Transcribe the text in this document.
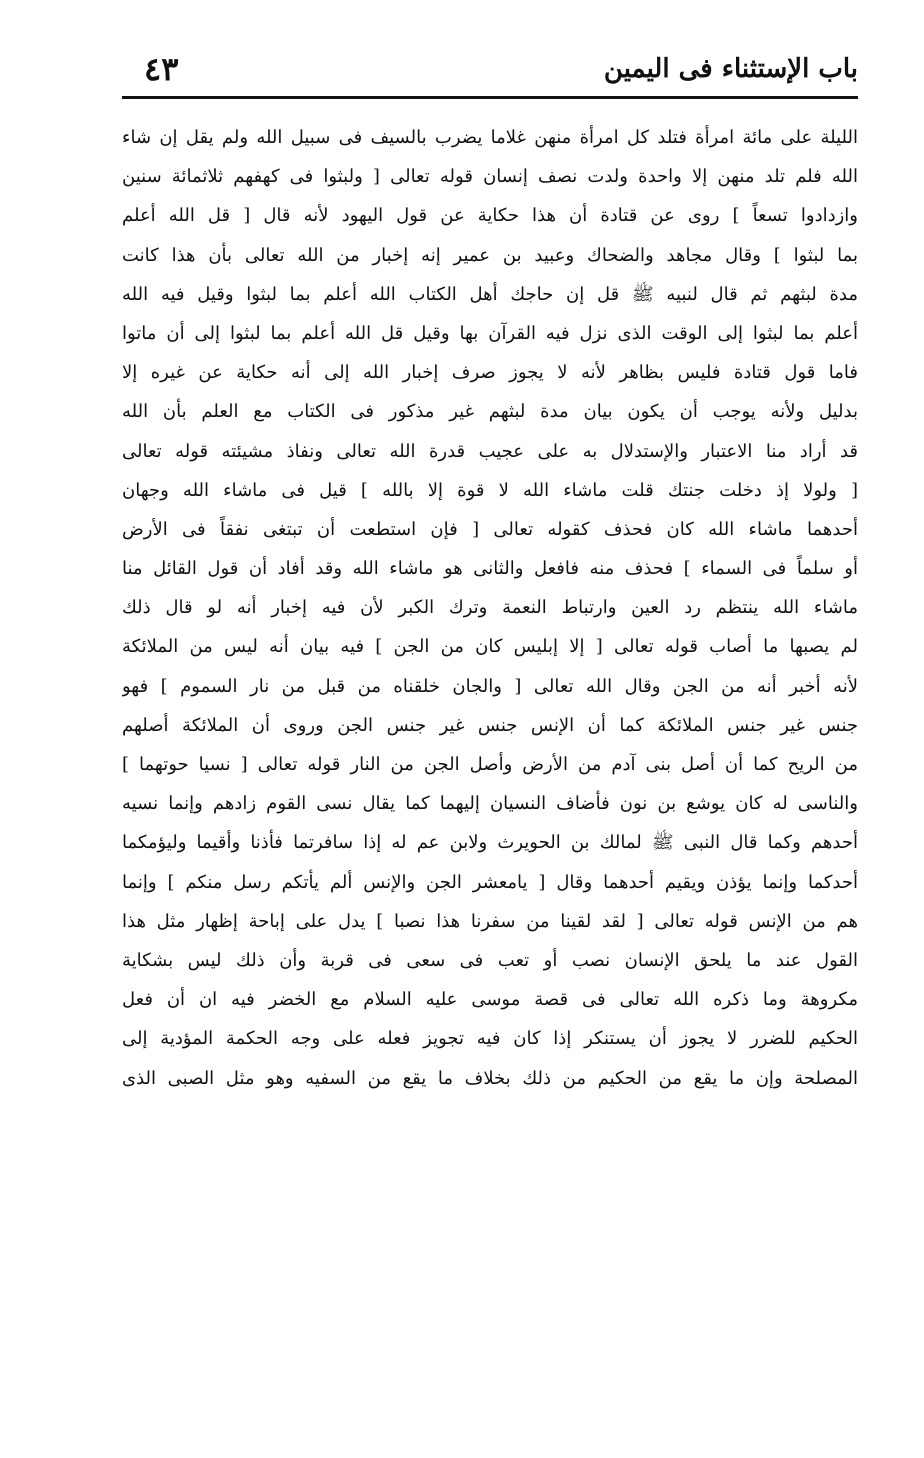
باب الإستثناء فى اليمين
٤٣
الليلة على مائة امرأة فتلد كل امرأة منهن غلاما يضرب بالسيف فى سبيل الله ولم يقل إن شاء
الله فلم تلد منهن إلا واحدة ولدت نصف إنسان قوله تعالى [ ولبثوا فى كهفهم ثلاثمائة سنين
وازدادوا تسعاً ] روى عن قتادة أن هذا حكاية عن قول اليهود لأنه قال [ قل الله أعلم
بما لبثوا ] وقال مجاهد والضحاك وعبيد بن عمير إنه إخبار من الله تعالى بأن هذا كانت
مدة لبثهم ثم قال لنبيه ﷺ قل إن حاجك أهل الكتاب الله أعلم بما لبثوا وقيل فيه الله
أعلم بما لبثوا إلى الوقت الذى نزل فيه القرآن بها وقيل قل الله أعلم بما لبثوا إلى أن ماتوا
فاما قول قتادة فليس بظاهر لأنه لا يجوز صرف إخبار الله إلى أنه حكاية عن غيره إلا
بدليل ولأنه يوجب أن يكون بيان مدة لبثهم غير مذكور فى الكتاب مع العلم بأن الله
قد أراد منا الاعتبار والإستدلال به على عجيب قدرة الله تعالى ونفاذ مشيئته قوله تعالى
[ ولولا إذ دخلت جنتك قلت ماشاء الله لا قوة إلا بالله ] قيل فى ماشاء الله وجهان
أحدهما ماشاء الله كان فحذف كقوله تعالى [ فإن استطعت أن تبتغى نفقاً فى الأرض
أو سلماً فى السماء ] فحذف منه فافعل والثانى هو ماشاء الله وقد أفاد أن قول القائل منا
ماشاء الله ينتظم رد العين وارتباط النعمة وترك الكبر لأن فيه إخبار أنه لو قال ذلك
لم يصبها ما أصاب قوله تعالى [ إلا إبليس كان من الجن ] فيه بيان أنه ليس من الملائكة
لأنه أخبر أنه من الجن وقال الله تعالى [ والجان خلقناه من قبل من نار السموم ] فهو
جنس غير جنس الملائكة كما أن الإنس جنس غير جنس الجن وروى أن الملائكة أصلهم
من الريح كما أن أصل بنى آدم من الأرض وأصل الجن من النار قوله تعالى [ نسيا حوتهما ]
والناسى له كان يوشع بن نون فأضاف النسيان إليهما كما يقال نسى القوم زادهم وإنما نسيه
أحدهم وكما قال النبى ﷺ لمالك بن الحويرث ولابن عم له إذا سافرتما فأذنا وأقيما وليؤمكما
أحدكما وإنما يؤذن ويقيم أحدهما وقال [ يامعشر الجن والإنس ألم يأتكم رسل منكم ] وإنما
هم من الإنس قوله تعالى [ لقد لقينا من سفرنا هذا نصبا ] يدل على إباحة إظهار مثل هذا
القول عند ما يلحق الإنسان نصب أو تعب فى سعى فى قربة وأن ذلك ليس بشكاية
مكروهة وما ذكره الله تعالى فى قصة موسى عليه السلام مع الخضر فيه ان أن فعل
الحكيم للضرر لا يجوز أن يستنكر إذا كان فيه تجويز فعله على وجه الحكمة المؤدية إلى
المصلحة وإن ما يقع من الحكيم من ذلك بخلاف ما يقع من السفيه وهو مثل الصبى الذى
